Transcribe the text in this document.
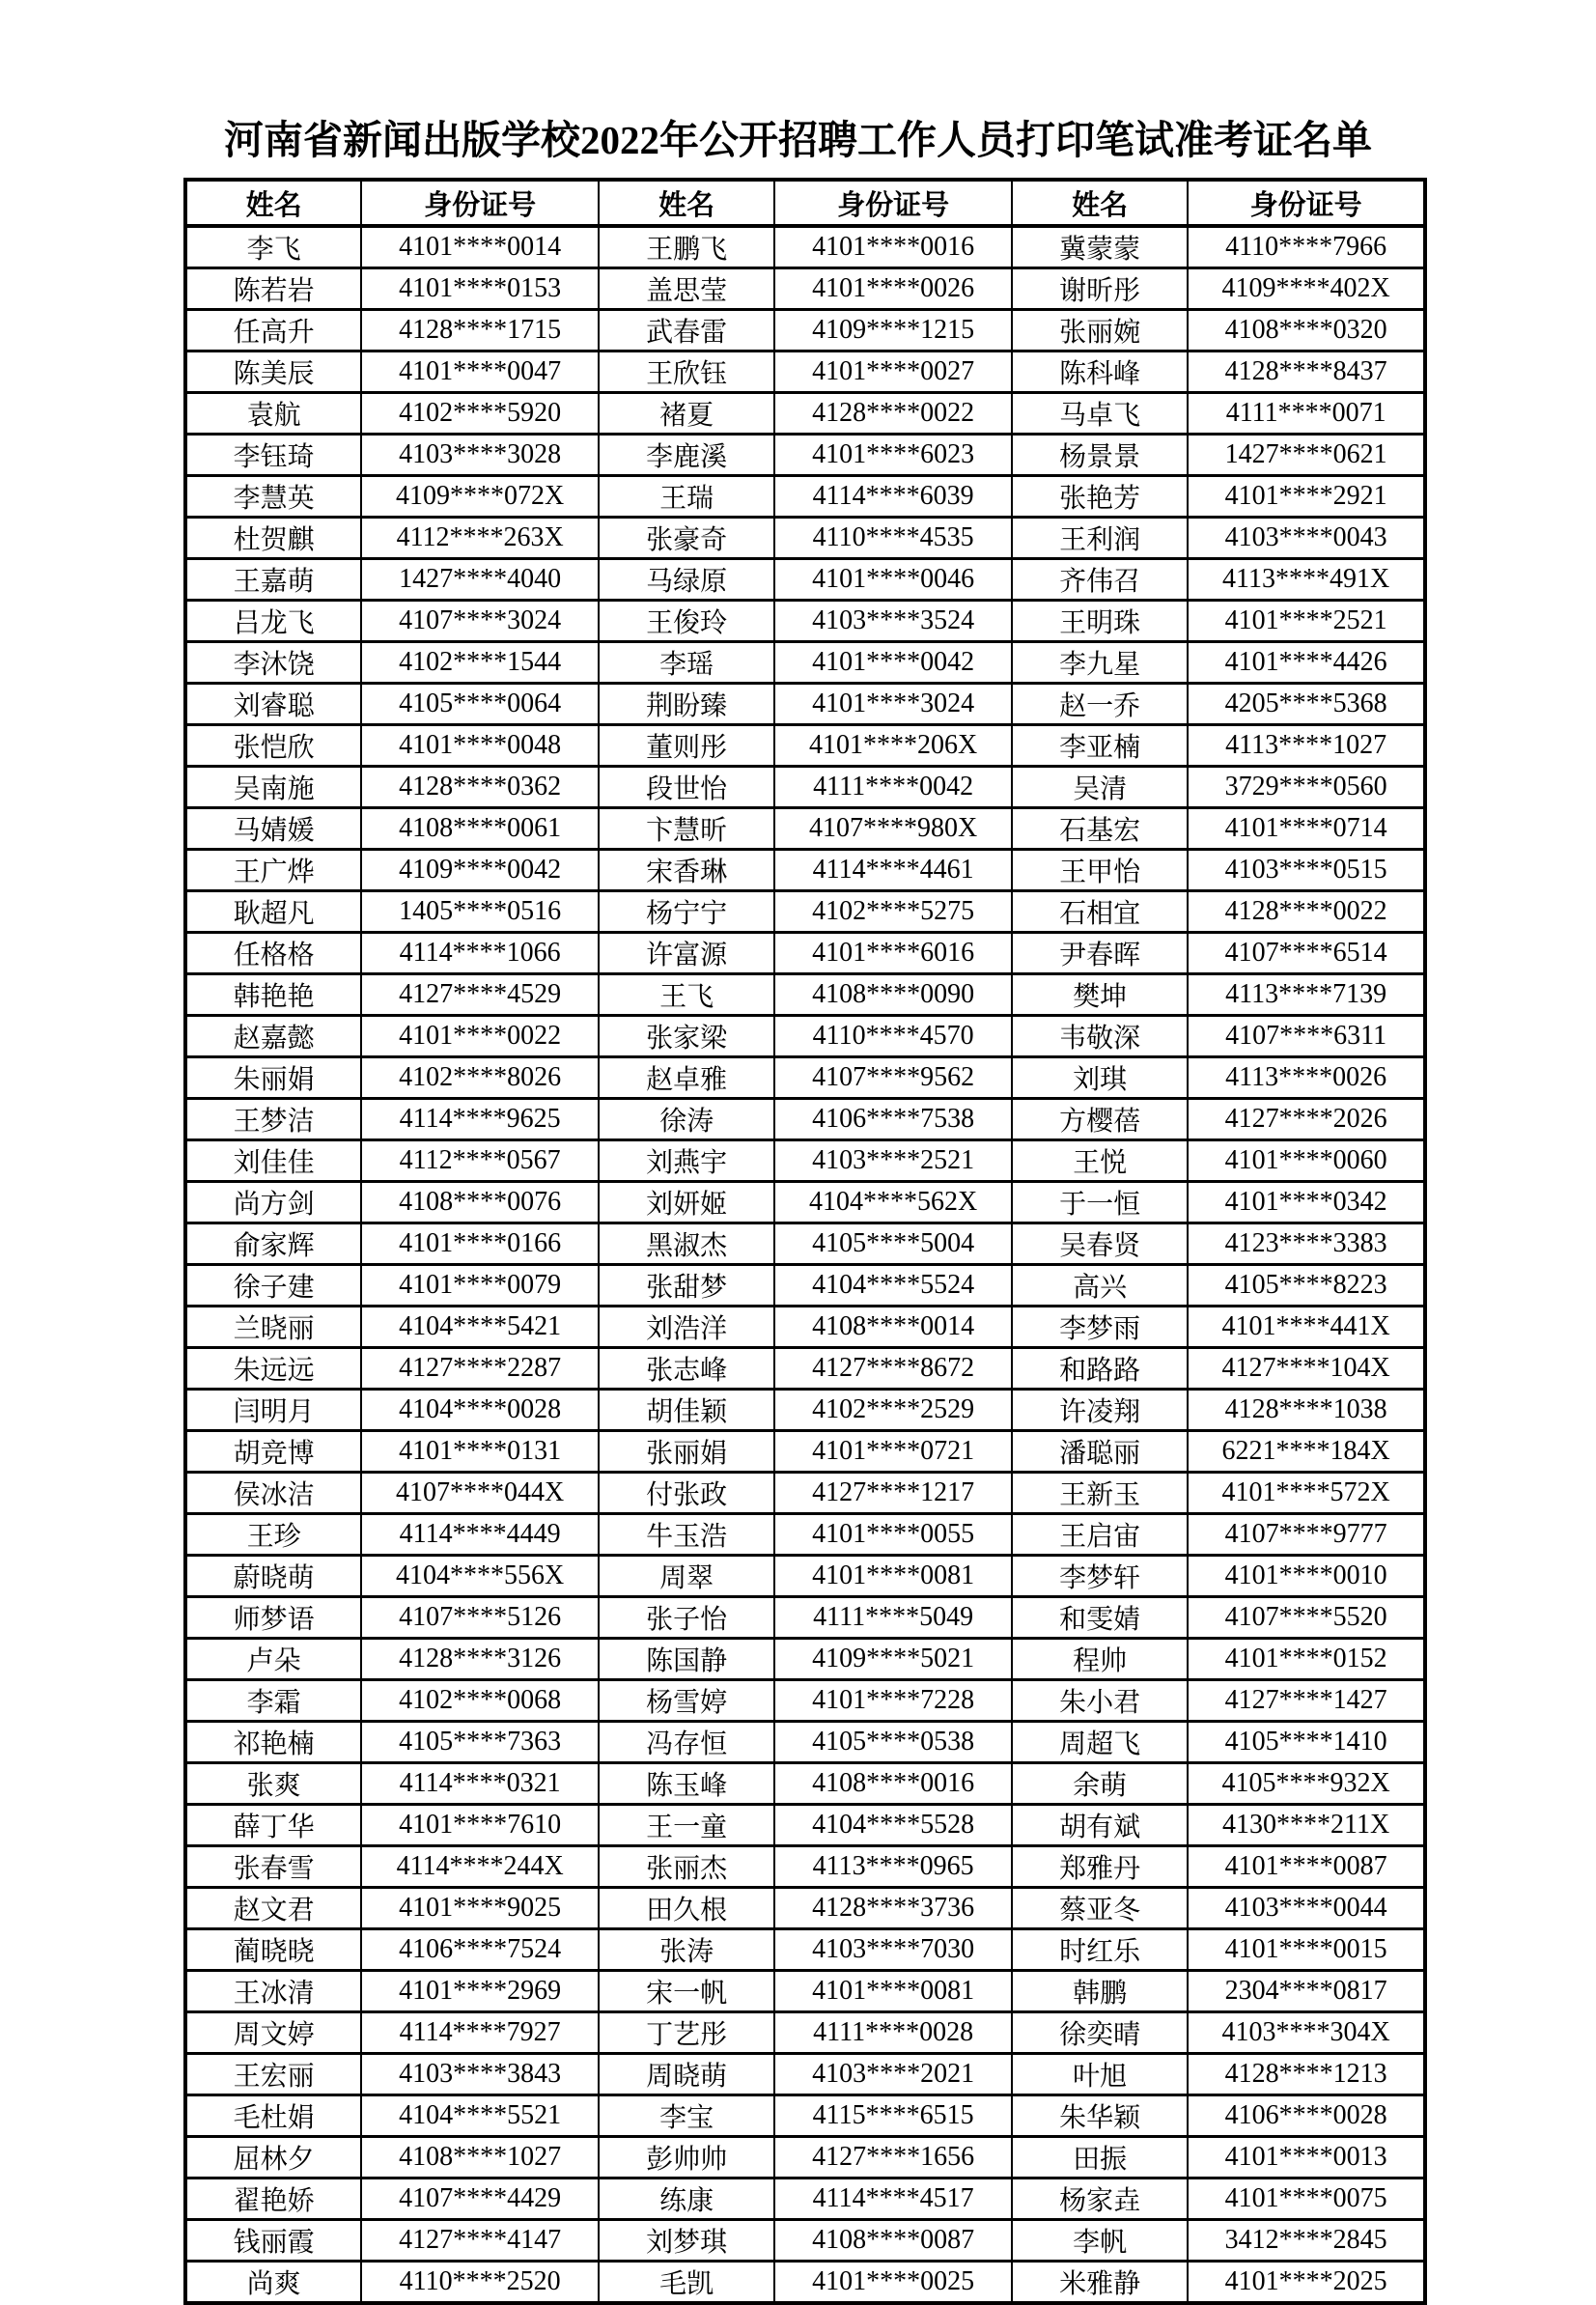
河南省新闻出版学校2022年公开招聘工作人员打印笔试准考证名单
姓名	身份证号	姓名	身份证号	姓名	身份证号
李飞	4101****0014	王鹏飞	4101****0016	冀蒙蒙	4110****7966
陈若岩	4101****0153	盖思莹	4101****0026	谢昕彤	4109****402X
任高升	4128****1715	武春雷	4109****1215	张丽婉	4108****0320
陈美辰	4101****0047	王欣钰	4101****0027	陈科峰	4128****8437
袁航	4102****5920	褚夏	4128****0022	马卓飞	4111****0071
李钰琦	4103****3028	李鹿溪	4101****6023	杨景景	1427****0621
李慧英	4109****072X	王瑞	4114****6039	张艳芳	4101****2921
杜贺麒	4112****263X	张豪奇	4110****4535	王利润	4103****0043
王嘉萌	1427****4040	马绿原	4101****0046	齐伟召	4113****491X
吕龙飞	4107****3024	王俊玲	4103****3524	王明珠	4101****2521
李沐饶	4102****1544	李瑶	4101****0042	李九星	4101****4426
刘睿聪	4105****0064	荆盼臻	4101****3024	赵一乔	4205****5368
张恺欣	4101****0048	董则彤	4101****206X	李亚楠	4113****1027
吴南施	4128****0362	段世怡	4111****0042	吴清	3729****0560
马婧媛	4108****0061	卞慧昕	4107****980X	石基宏	4101****0714
王广烨	4109****0042	宋香琳	4114****4461	王甲怡	4103****0515
耿超凡	1405****0516	杨宁宁	4102****5275	石相宜	4128****0022
任格格	4114****1066	许富源	4101****6016	尹春晖	4107****6514
韩艳艳	4127****4529	王飞	4108****0090	樊坤	4113****7139
赵嘉懿	4101****0022	张家梁	4110****4570	韦敬深	4107****6311
朱丽娟	4102****8026	赵卓雅	4107****9562	刘琪	4113****0026
王梦洁	4114****9625	徐涛	4106****7538	方樱蓓	4127****2026
刘佳佳	4112****0567	刘燕宇	4103****2521	王悦	4101****0060
尚方剑	4108****0076	刘妍姬	4104****562X	于一恒	4101****0342
俞家辉	4101****0166	黑淑杰	4105****5004	吴春贤	4123****3383
徐子建	4101****0079	张甜梦	4104****5524	高兴	4105****8223
兰晓丽	4104****5421	刘浩洋	4108****0014	李梦雨	4101****441X
朱远远	4127****2287	张志峰	4127****8672	和路路	4127****104X
闫明月	4104****0028	胡佳颖	4102****2529	许凌翔	4128****1038
胡竞博	4101****0131	张丽娟	4101****0721	潘聪丽	6221****184X
侯冰洁	4107****044X	付张政	4127****1217	王新玉	4101****572X
王珍	4114****4449	牛玉浩	4101****0055	王启宙	4107****9777
蔚晓萌	4104****556X	周翠	4101****0081	李梦轩	4101****0010
师梦语	4107****5126	张子怡	4111****5049	和雯婧	4107****5520
卢朵	4128****3126	陈国静	4109****5021	程帅	4101****0152
李霜	4102****0068	杨雪婷	4101****7228	朱小君	4127****1427
祁艳楠	4105****7363	冯存恒	4105****0538	周超飞	4105****1410
张爽	4114****0321	陈玉峰	4108****0016	余萌	4105****932X
薛丁华	4101****7610	王一童	4104****5528	胡有斌	4130****211X
张春雪	4114****244X	张丽杰	4113****0965	郑雅丹	4101****0087
赵文君	4101****9025	田久根	4128****3736	蔡亚冬	4103****0044
蔺晓晓	4106****7524	张涛	4103****7030	时红乐	4101****0015
王冰清	4101****2969	宋一帆	4101****0081	韩鹏	2304****0817
周文婷	4114****7927	丁艺彤	4111****0028	徐奕晴	4103****304X
王宏丽	4103****3843	周晓萌	4103****2021	叶旭	4128****1213
毛杜娟	4104****5521	李宝	4115****6515	朱华颖	4106****0028
屈林夕	4108****1027	彭帅帅	4127****1656	田振	4101****0013
翟艳娇	4107****4429	练康	4114****4517	杨家垚	4101****0075
钱丽霞	4127****4147	刘梦琪	4108****0087	李帆	3412****2845
尚爽	4110****2520	毛凯	4101****0025	米雅静	4101****2025
